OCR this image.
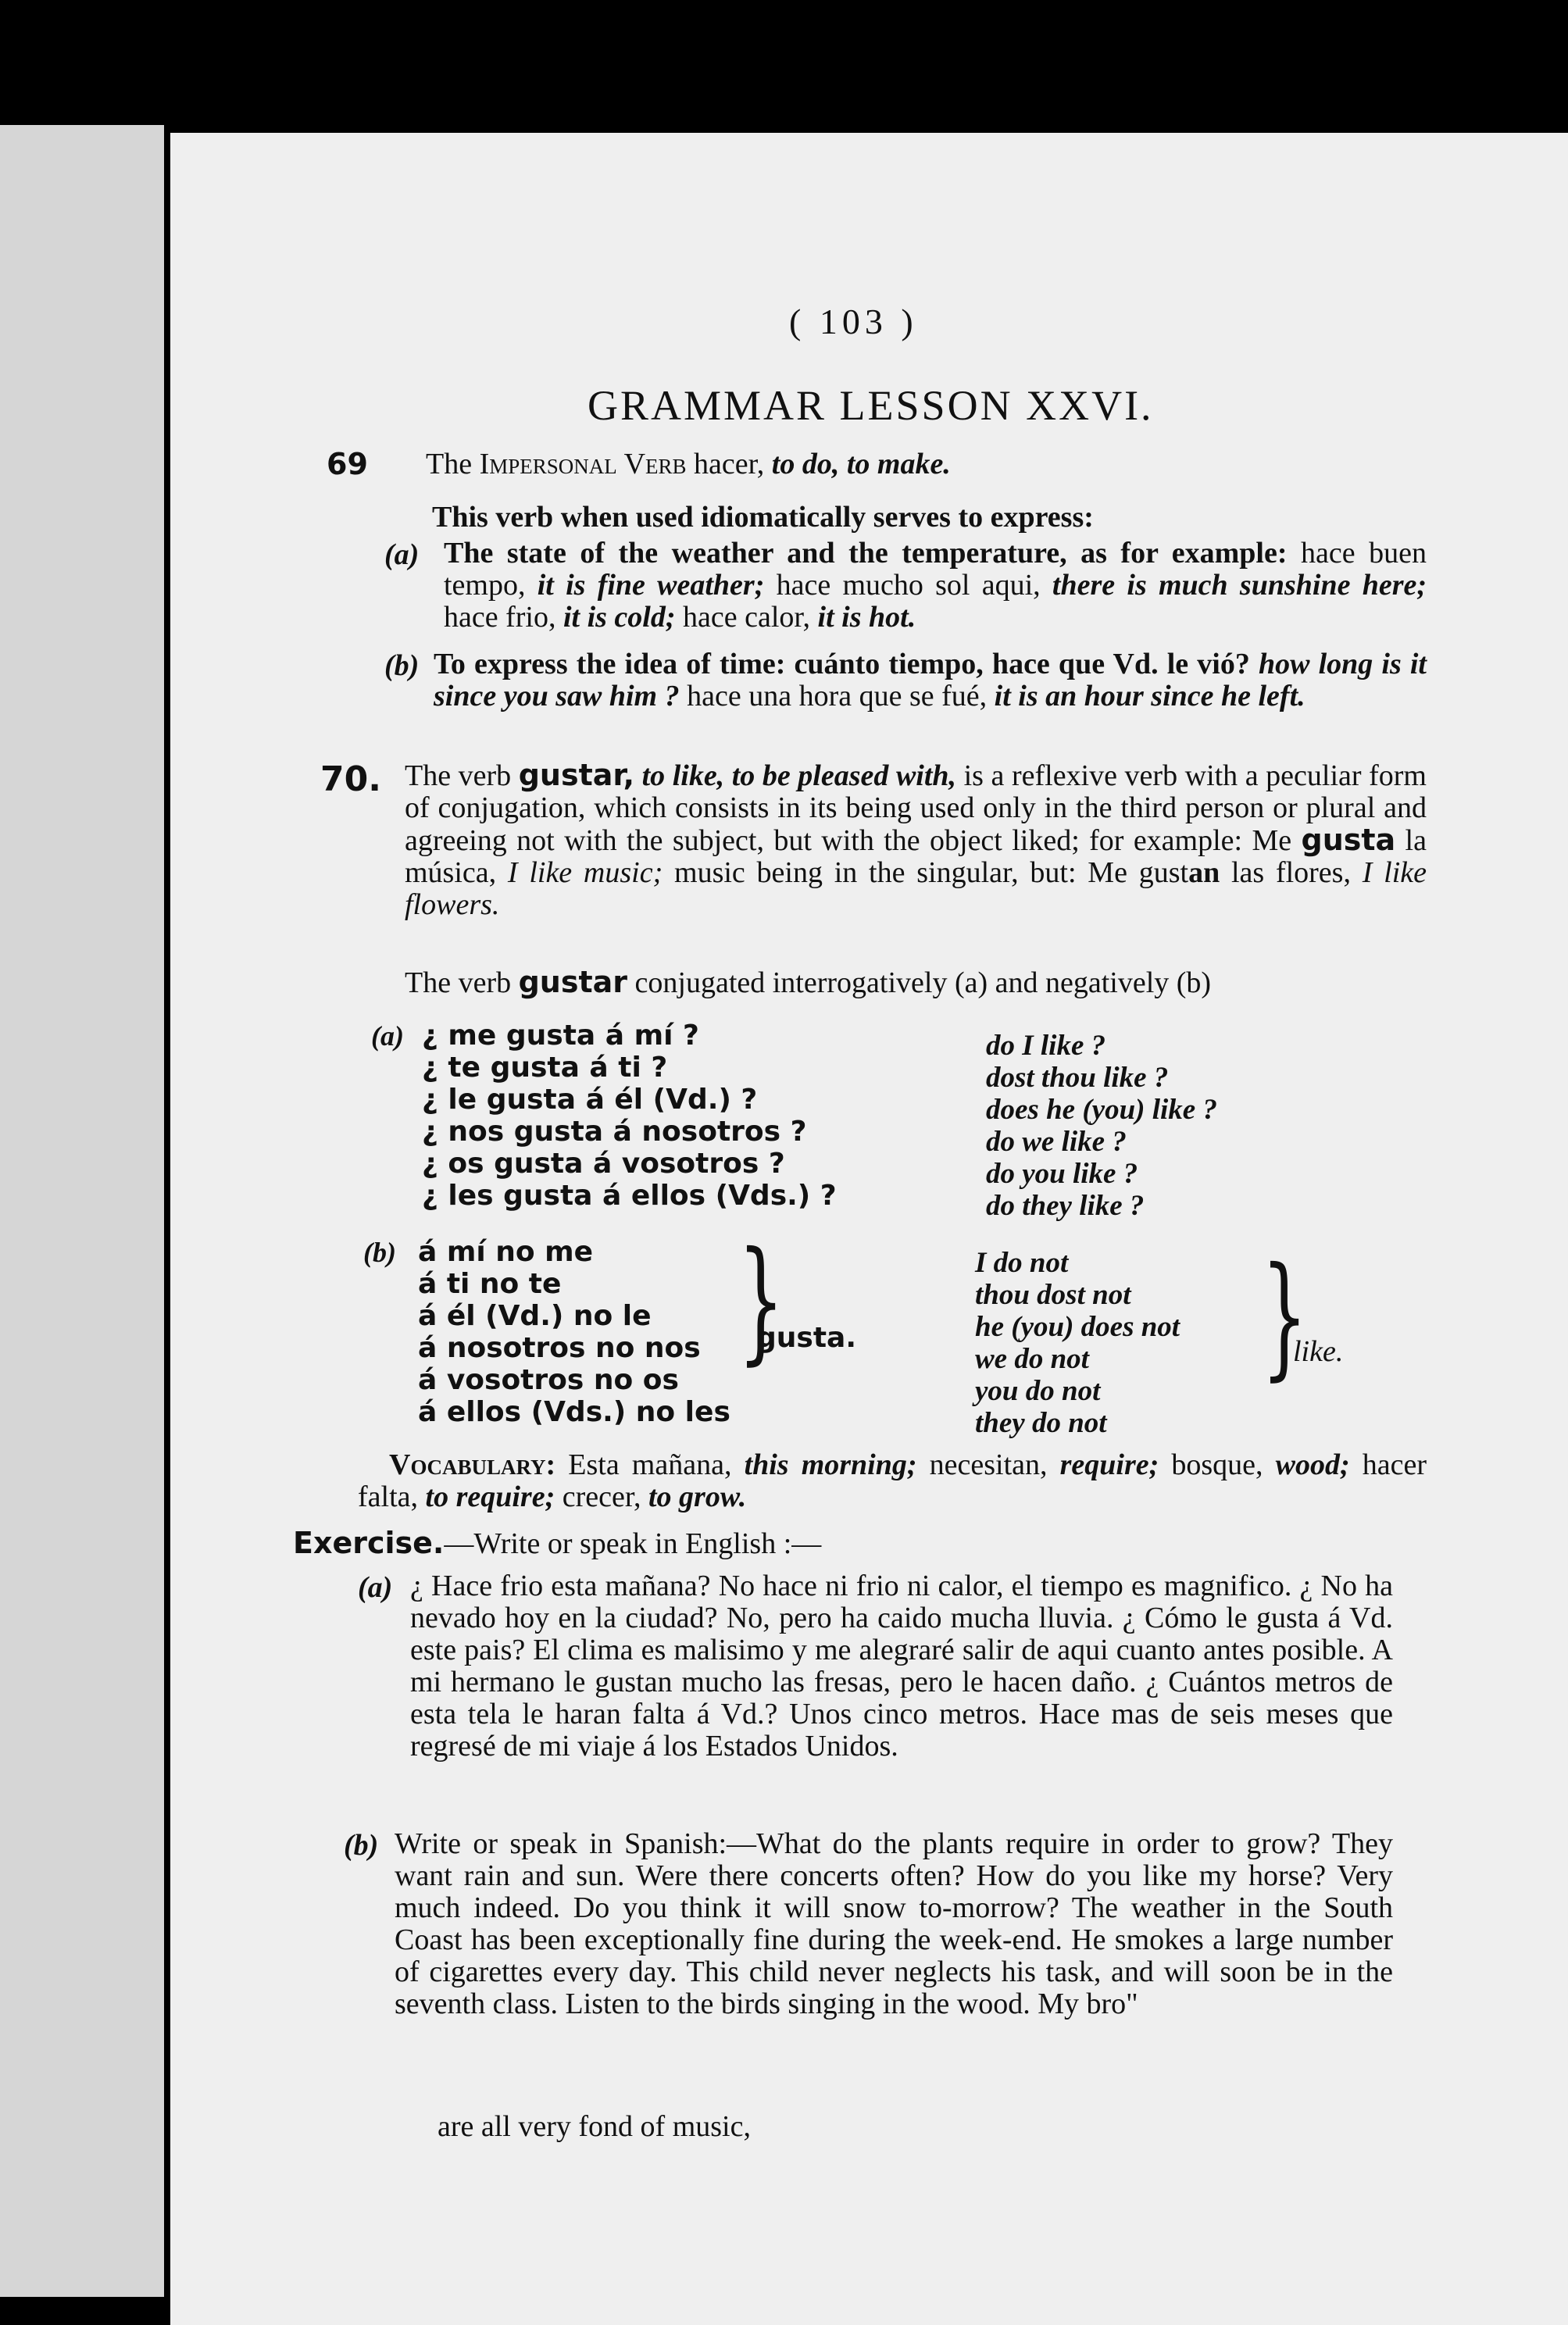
( 103 )
GRAMMAR LESSON XXVI.
69 The Impersonal Verb hacer, to do, to make.
This verb when used idiomatically serves to express:
(a) The state of the weather and the temperature, as for example: hace buen tempo, it is fine weather; hace mucho sol aqui, there is much sunshine here; hace frio, it is cold; hace calor, it is hot.
(b) To express the idea of time: cuánto tiempo, hace que Vd. le vió? how long is it since you saw him ? hace una hora que se fué, it is an hour since he left.
70. The verb gustar, to like, to be pleased with, is a reflexive verb with a peculiar form of conjugation, which consists in its being used only in the third person or plural and agreeing not with the subject, but with the object liked; for example: Me gusta la música, I like music; music being in the singular, but: Me gustan las flores, I like flowers.
The verb gustar conjugated interrogatively (a) and negatively (b)
(a) ¿ me gusta á mí ?
¿ te gusta á ti ?
¿ le gusta á él (Vd.) ?
¿ nos gusta á nosotros ?
¿ os gusta á vosotros ?
¿ les gusta á ellos (Vds.) ?
do I like ?
dost thou like ?
does he (you) like ?
do we like ?
do you like ?
do they like ?
(b) á mí no me
á ti no te
á él (Vd.) no le
á nosotros no nos
á vosotros no os
á ellos (Vds.) no les
}
gusta.
I do not
thou dost not
he (you) does not
we do not
you do not
they do not
}
like.
Vocabulary: Esta mañana, this morning; necesitan, require; bosque, wood; hacer falta, to require; crecer, to grow.
Exercise.—Write or speak in English :—
(a) ¿ Hace frio esta mañana? No hace ni frio ni calor, el tiempo es magnifico. ¿ No ha nevado hoy en la ciudad? No, pero ha caido mucha lluvia. ¿ Cómo le gusta á Vd. este pais? El clima es malisimo y me alegraré salir de aqui cuanto antes posible. A mi hermano le gustan mucho las fresas, pero le hacen daño. ¿ Cuántos metros de esta tela le haran falta á Vd.? Unos cinco metros. Hace mas de seis meses que regresé de mi viaje á los Estados Unidos.
(b) Write or speak in Spanish:—What do the plants require in order to grow? They want rain and sun. Were there concerts often? How do you like my horse? Very much indeed. Do you think it will snow to-morrow? The weather in the South Coast has been exceptionally fine during the week-end. He smokes a large number of cigarettes every day. This child never neglects his task, and will soon be in the seventh class. Listen to the birds singing in the wood. My bro"
are all very fond of music,
